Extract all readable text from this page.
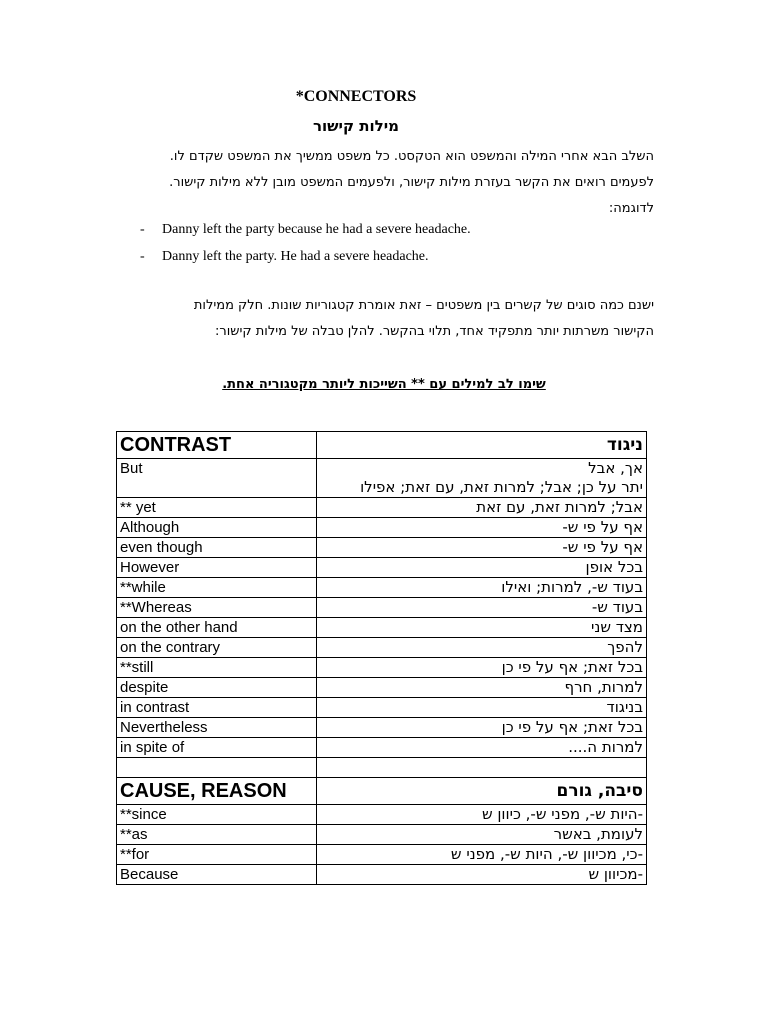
*CONNECTORS
מילות קישור
השלב הבא אחרי המילה והמשפט הוא הטקסט. כל משפט ממשיך את המשפט שקדם לו.
לפעמים רואים את הקשר בעזרת מילות קישור, ולפעמים המשפט מובן ללא מילות קישור.
לדוגמה:
- Danny left the party because he had a severe headache.
- Danny left the party. He had a severe headache.
ישנם כמה סוגים של קשרים בין משפטים – זאת אומרת קטגוריות שונות. חלק ממילות
הקישור משרתות יותר מתפקיד אחד, תלוי בהקשר. להלן טבלה של מילות קישור:
שימו לב למילים עם ** השייכות ליותר מקטגוריה אחת.
CONTRAST	ניגוד
But	אך, אבל
יתר על כן; אבל; למרות זאת, עם זאת; אפילו

** yet	אבל; למרות זאת, עם זאת
Although	אף על פי ש-
even though	אף על פי ש-
However	בכל אופן
**while	בעוד ש-, למרות; ואילו
**Whereas	בעוד ש-
on the other hand	מצד שני
on the contrary	להפך
**still	בכל זאת; אף על פי כן
despite	למרות, חרף
in contrast	בניגוד
Nevertheless	בכל זאת; אף על פי כן
in spite of	למרות ה....

CAUSE, REASON	סיבה, גורם
**since	-היות ש-, מפני ש-, כיוון ש
**as	לעומת, באשר
**for	-כי, מכיוון ש-, היות ש-, מפני ש
Because	-מכיוון ש
